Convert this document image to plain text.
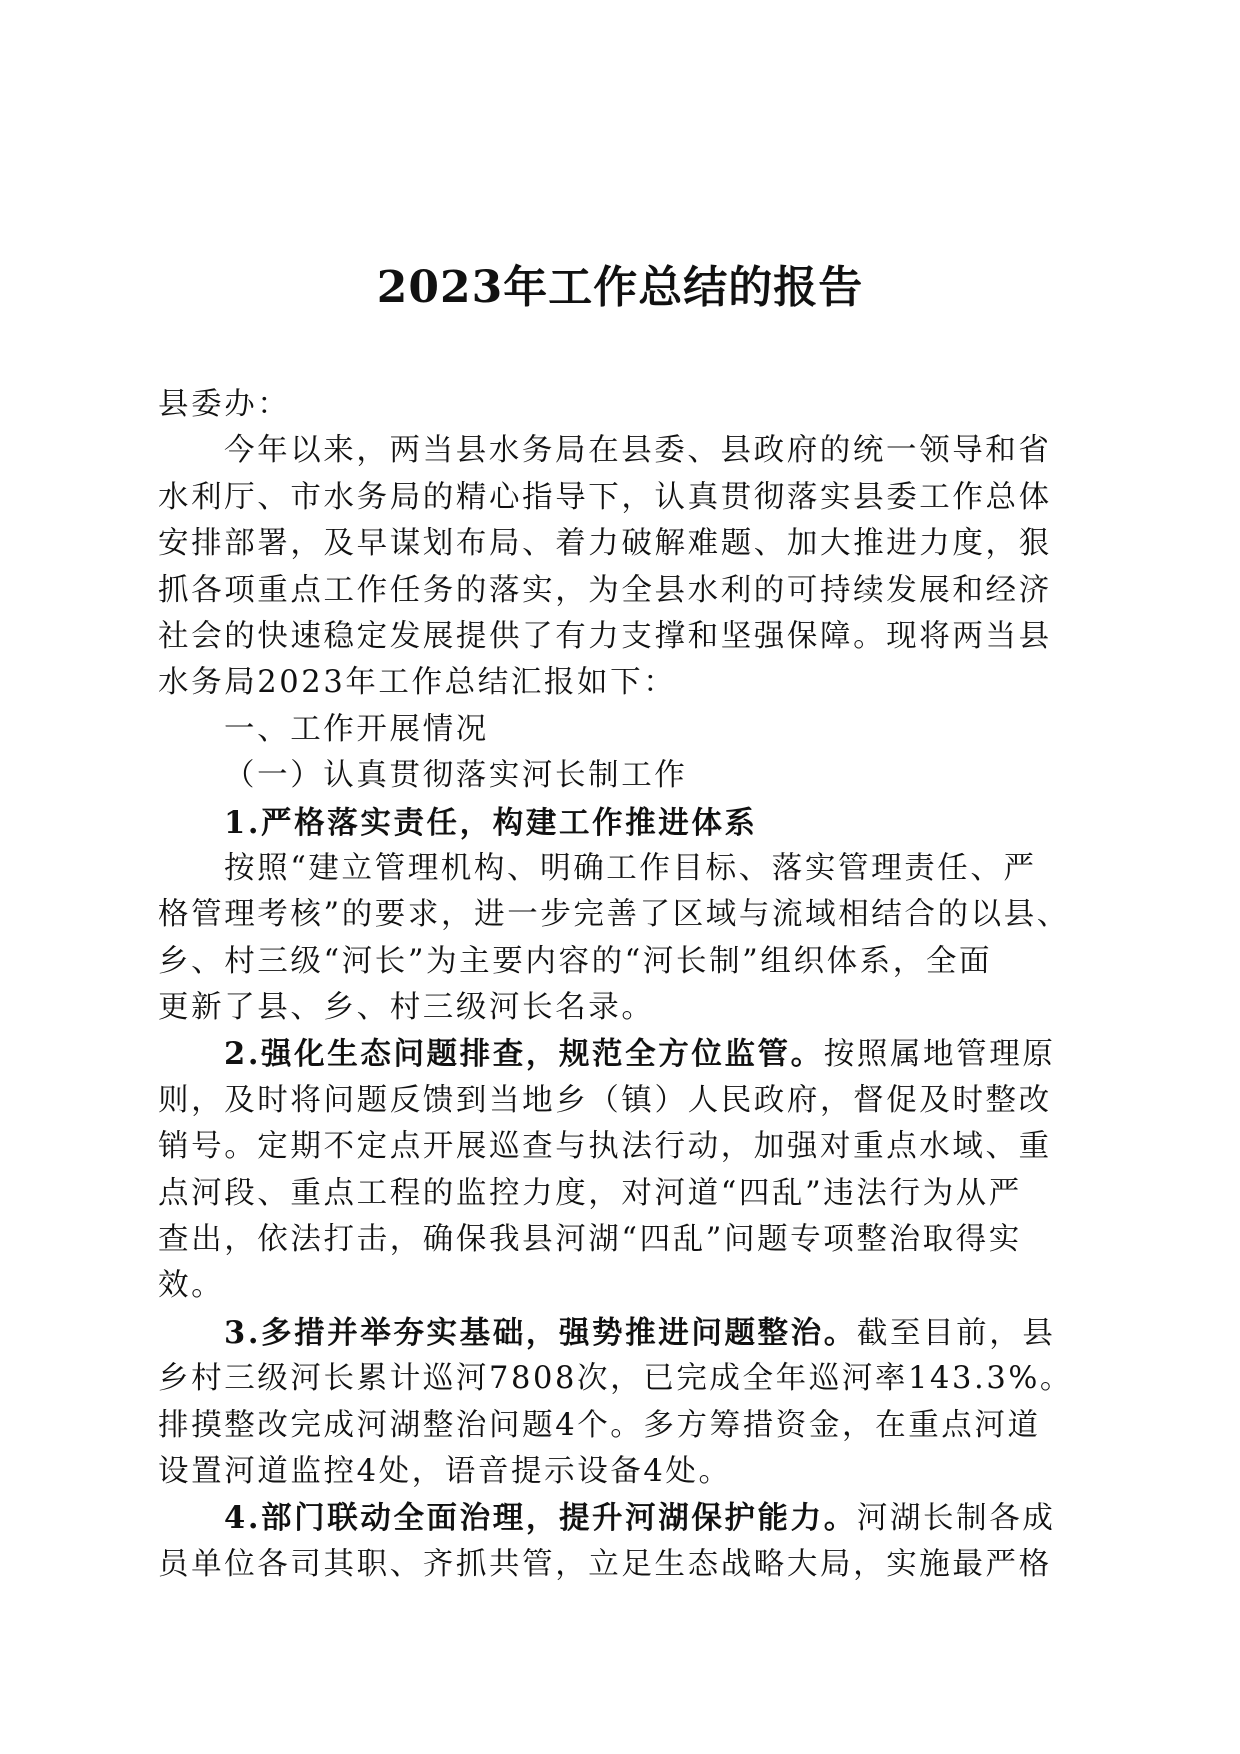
2023年工作总结的报告
县委办：
今年以来，两当县水务局在县委、县政府的统一领导和省
水利厅、市水务局的精心指导下，认真贯彻落实县委工作总体
安排部署，及早谋划布局、着力破解难题、加大推进力度，狠
抓各项重点工作任务的落实，为全县水利的可持续发展和经济
社会的快速稳定发展提供了有力支撑和坚强保障。现将两当县
水务局2023年工作总结汇报如下：
一、工作开展情况
（一）认真贯彻落实河长制工作
1.严格落实责任，构建工作推进体系
按照“建立管理机构、明确工作目标、落实管理责任、严
格管理考核”的要求，进一步完善了区域与流域相结合的以县、
乡、村三级“河长”为主要内容的“河长制”组织体系，全面
更新了县、乡、村三级河长名录。
2.强化生态问题排查，规范全方位监管。按照属地管理原
则，及时将问题反馈到当地乡（镇）人民政府，督促及时整改
销号。定期不定点开展巡查与执法行动，加强对重点水域、重
点河段、重点工程的监控力度，对河道“四乱”违法行为从严
查出，依法打击，确保我县河湖“四乱”问题专项整治取得实
效。
3.多措并举夯实基础，强势推进问题整治。截至目前，县
乡村三级河长累计巡河7808次，已完成全年巡河率143.3%。
排摸整改完成河湖整治问题4个。多方筹措资金，在重点河道
设置河道监控4处，语音提示设备4处。
4.部门联动全面治理，提升河湖保护能力。河湖长制各成
员单位各司其职、齐抓共管，立足生态战略大局，实施最严格
